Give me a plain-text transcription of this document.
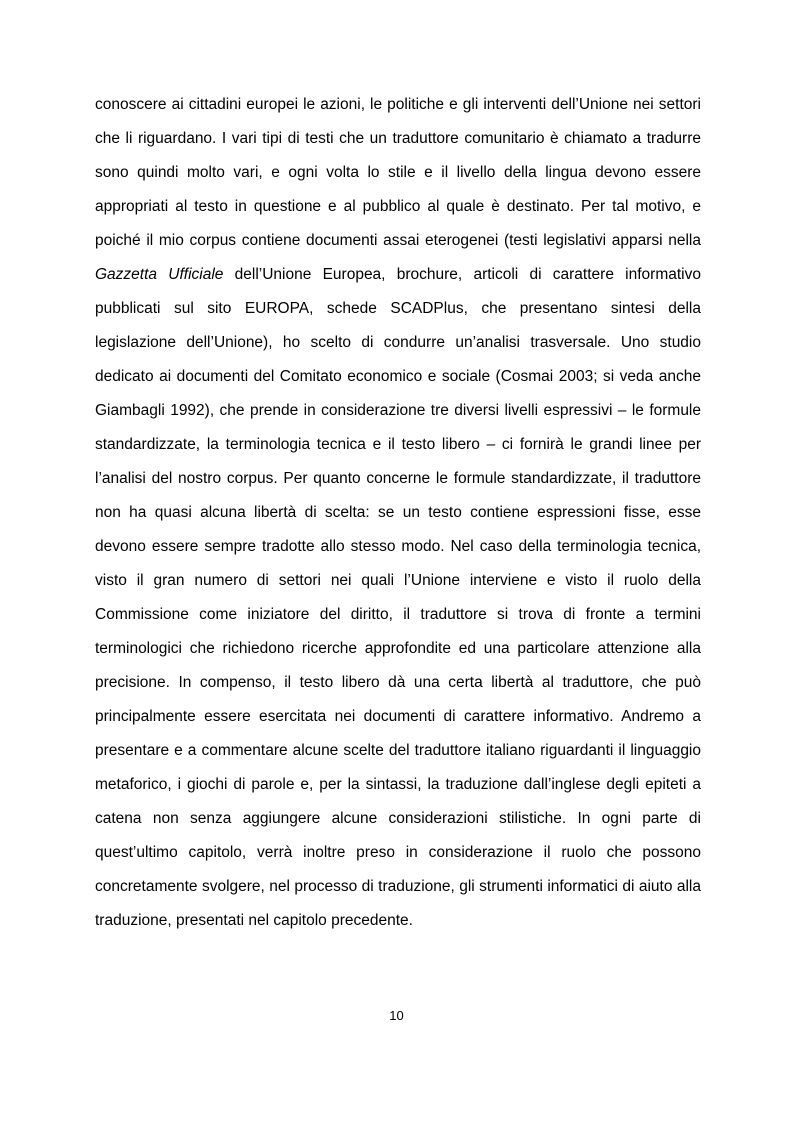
conoscere ai cittadini europei le azioni, le politiche e gli interventi dell’Unione nei settori che li riguardano. I vari tipi di testi che un traduttore comunitario è chiamato a tradurre sono quindi molto vari, e ogni volta lo stile e il livello della lingua devono essere appropriati al testo in questione e al pubblico al quale è destinato. Per tal motivo, e poiché il mio corpus contiene documenti assai eterogenei (testi legislativi apparsi nella Gazzetta Ufficiale dell’Unione Europea, brochure, articoli di carattere informativo pubblicati sul sito EUROPA, schede SCADPlus, che presentano sintesi della legislazione dell’Unione), ho scelto di condurre un’analisi trasversale. Uno studio dedicato ai documenti del Comitato economico e sociale (Cosmai 2003; si veda anche Giambagli 1992), che prende in considerazione tre diversi livelli espressivi – le formule standardizzate, la terminologia tecnica e il testo libero – ci fornirà le grandi linee per l’analisi del nostro corpus. Per quanto concerne le formule standardizzate, il traduttore non ha quasi alcuna libertà di scelta: se un testo contiene espressioni fisse, esse devono essere sempre tradotte allo stesso modo. Nel caso della terminologia tecnica, visto il gran numero di settori nei quali l’Unione interviene e visto il ruolo della Commissione come iniziatore del diritto, il traduttore si trova di fronte a termini terminologici che richiedono ricerche approfondite ed una particolare attenzione alla precisione. In compenso, il testo libero dà una certa libertà al traduttore, che può principalmente essere esercitata nei documenti di carattere informativo. Andremo a presentare e a commentare alcune scelte del traduttore italiano riguardanti il linguaggio metaforico, i giochi di parole e, per la sintassi, la traduzione dall’inglese degli epiteti a catena non senza aggiungere alcune considerazioni stilistiche. In ogni parte di quest’ultimo capitolo, verrà inoltre preso in considerazione il ruolo che possono concretamente svolgere, nel processo di traduzione, gli strumenti informatici di aiuto alla traduzione, presentati nel capitolo precedente.

10
